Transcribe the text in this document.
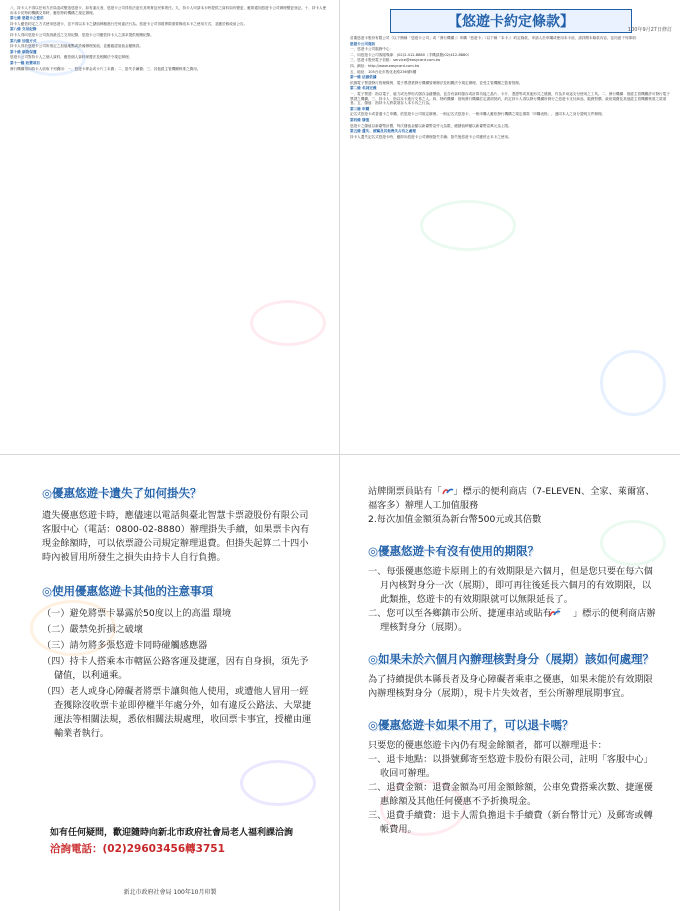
八、持卡人不得以任何方法偽造或變造悠遊卡，如有違反者，悠遊卡公司得依法追究其刑責及民事責任。九、持卡人申請本卡時提供之資料如有變更，應即通知悠遊卡公司辦理變更登記。十、持卡人使用本卡於特約機構交易時，應依特約機構之規定辦理。

第七條 悠遊卡之使用

持卡人應依約定之方式使用悠遊卡，並不得以本卡之儲值餘額進行任何違法行為。悠遊卡公司得視實際需要修改本卡之使用方式，並應於修改前公告。

第八條 交易紀錄

持卡人得向悠遊卡公司查詢最近之交易紀錄，悠遊卡公司應依持卡人之請求提供相關紀錄。

第九條 加值方式

持卡人得於悠遊卡公司所指定之加值地點或設備辦理加值，並應確認加值金額無誤。

第十條 個資保護

悠遊卡公司對持卡人之個人資料，應依個人資料保護法及相關法令規定辦理。

第十一條 收費項目

發行機構得向持卡人收取下列費用：一、悠遊卡押金或卡片工本費；二、掛失手續費；三、其他經主管機關核准之費用。

【悠遊卡約定條款】
100年9月27日修訂

苗栗悠遊卡股份有限公司（以下簡稱「悠遊卡公司」或「發行機構」）申購「悠遊卡」（以下稱「本卡」）約定條款，申請人於申購或使用本卡前，請詳閱本條款內容，並同意下列事項：

悠遊卡公司資訊

一、悠遊卡公司服務中心：

二、向悠遊卡公司客服專線：(02)2-412-8880（手機請撥(02)412-8880）

三、悠遊卡股份電子信箱：service@easycard.com.tw

四、網址：http://www.easycard.com.tw

五、地址：105台北市敦化北路236號5樓

第一條 法源依據

依據電子票證發行管理條例、電子票證業發行機構管理辦法及相關法令規定辦理，並受主管機關之監督管理。

第二條 名詞定義

一、電子票證：指以電子、磁力或光學形式儲存金錢價值，並含有資料儲存或計算功能之晶片、卡片、憑證等或其他形式之債據，作為多用途支付使用之工具。二、發行機構：指經主管機關許可發行電子票證之機構。三、持卡人：指以本卡進行交易之人。四、特約機構：指與發行機構訂定書面契約，約定持卡人得以發行機構所發行之悠遊卡支付商品、服務對價、政府規費及其他經主管機關核准之款項者。五、儲值：指持卡人將款項存入本卡內之行為。

第三條 申購

記名式悠遊卡或普通卡之申購，依悠遊卡公司規定辦理。一般記名式悠遊卡，一般申購人應依發行機構之規定填寫「申購表格」，連同本人之身分證明文件辦理。

第四條 儲值

悠遊卡之儲值以新臺幣計價，每次儲值金額以新臺幣壹仟元為限，總儲值餘額以新臺幣壹萬元為上限。

第五條 遺失、被竊及其他喪失占有之處理

持卡人遺失記名式悠遊卡時，應即向悠遊卡公司辦理掛失手續；掛失後悠遊卡公司應停止本卡之使用。

◎優惠悠遊卡遺失了如何掛失？
遺失優惠悠遊卡時，應儘速以電話與臺北智慧卡票證股份有限公司客服中心（電話：0800-02-8880）辦理掛失手續，如果票卡內有現金餘額時，可以依票證公司規定辦理退費。但掛失起算二十四小時內被冒用所發生之損失由持卡人自行負擔。
◎使用優惠悠遊卡其他的注意事項
（一）避免將票卡暴露於50度以上的高溫 環境
（二）嚴禁免折損之破壞
（三）請勿將多張悠遊卡同時碰觸感應器
（四）持卡人搭乘本市轄區公路客運及捷運，因有自身損，須先予儲值，以利通乘。
（四）老人或身心障礙者將票卡讓與他人使用，或遭他人冒用一經查獲除沒收票卡並即停權半年處分外，如有違反公路法、大眾捷運法等相關法規，悉依相關法規處理，收回票卡事宜，授權由運輸業者執行。
如有任何疑問，歡迎隨時向新北市政府社會局老人福利課洽詢
洽詢電話：(02)29603456轉3751
新北市政府社會局 100年10月印製
站牌開票員貼有「 」標示的便利商店（7-ELEVEN、全家、萊爾富、福客多）辦理人工加值服務
2.每次加值金額須為新台幣500元或其倍數
◎優惠悠遊卡有沒有使用的期限？
一、每張優惠悠遊卡原則上的有效期限是六個月，但是您只要在每六個月內核對身分一次（展期），即可再往後延長六個月的有效期限，以此類推，悠遊卡的有效期限就可以無限延長了。
二、您可以至各鄉鎮市公所、捷運車站或貼有「 」標示的便利商店辦理核對身分（展期）。
◎如果未於六個月內辦理核對身分（展期）該如何處理？
為了持續提供本縣長者及身心障礙者乘車之優惠，如果未能於有效期限內辦理核對身分（展期），現卡片失效者，至公所辦理展期事宜。
◎優惠悠遊卡如果不用了，可以退卡嗎？
只要您的優惠悠遊卡內仍有現金餘額者，都可以辦理退卡：
一、退卡地點：以掛號郵寄至悠遊卡股份有限公司，註明「客服中心」收回可辦理。
二、退費金額：退費金額為可用金額餘額，公車免費搭乘次數、捷運優惠餘額及其他任何優惠不予折換現金。
三、退費手續費：退卡人需負擔退卡手續費（新台幣廿元）及郵寄或轉帳費用。
